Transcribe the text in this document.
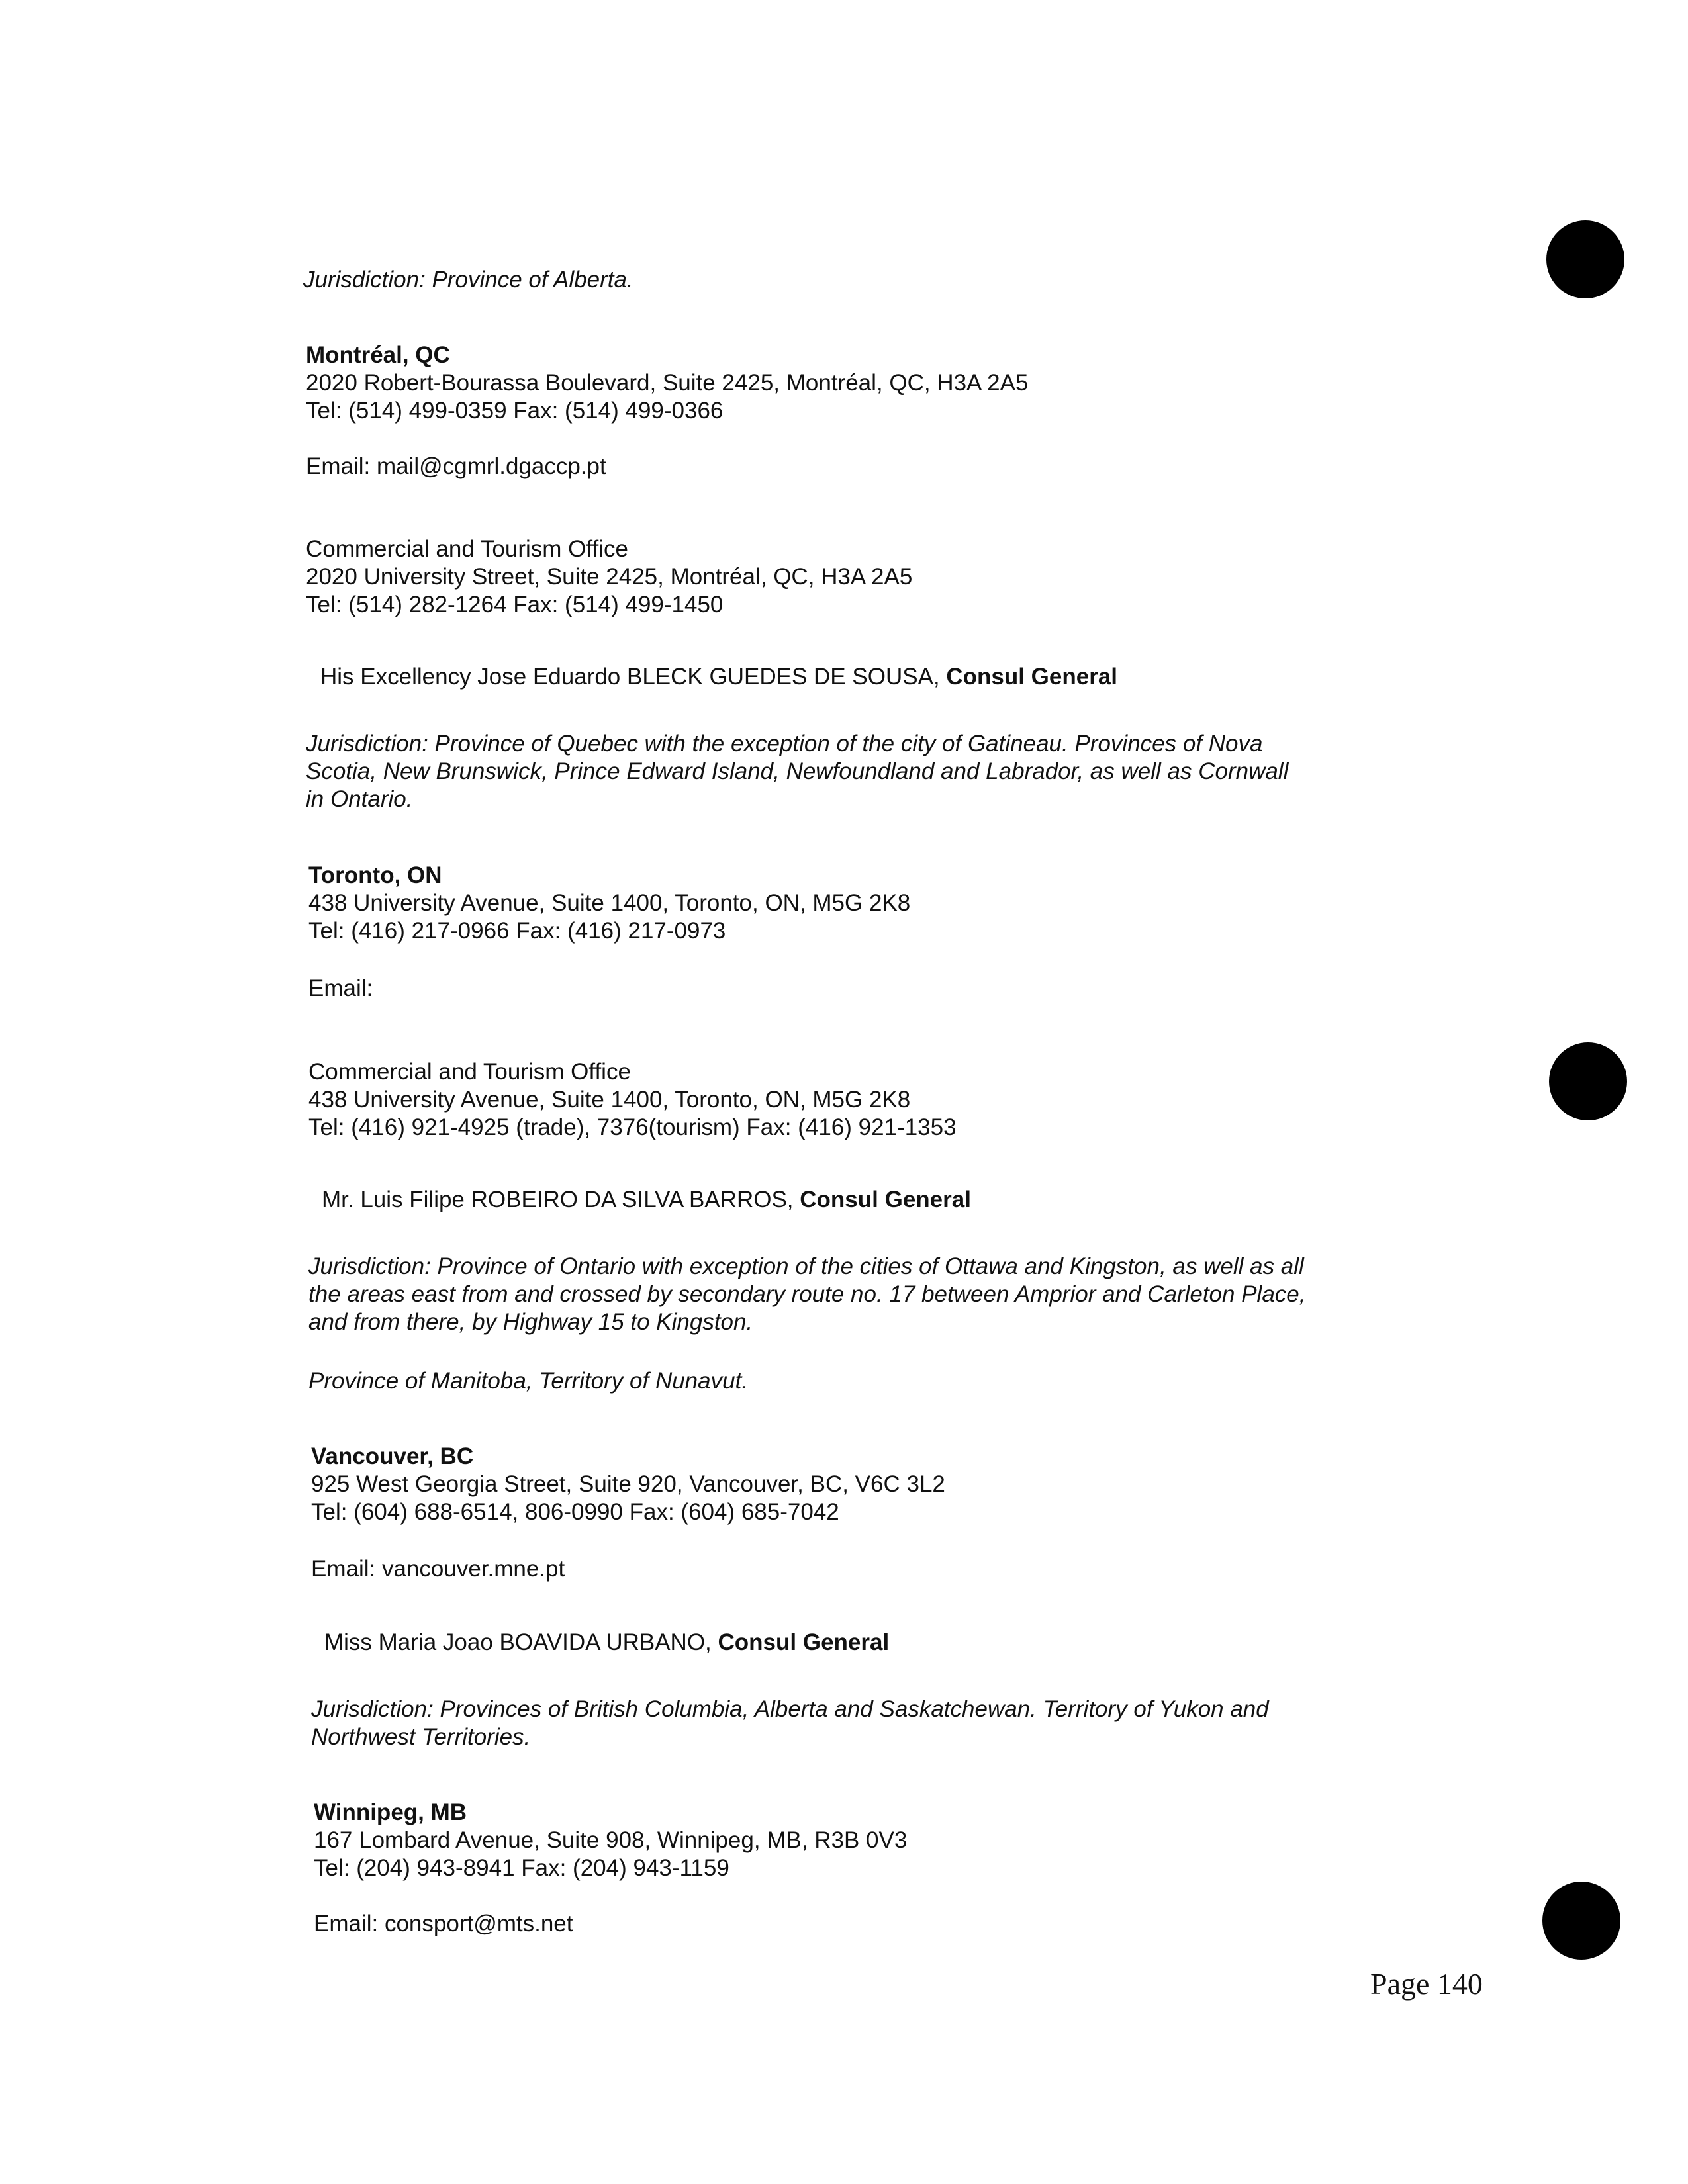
Jurisdiction: Province of Alberta.
Montréal, QC
2020 Robert-Bourassa Boulevard, Suite 2425, Montréal, QC, H3A 2A5
Tel: (514) 499-0359 Fax: (514) 499-0366
Email: mail@cgmrl.dgaccp.pt
Commercial and Tourism Office
2020 University Street, Suite 2425, Montréal, QC, H3A 2A5
Tel: (514) 282-1264 Fax: (514) 499-1450
His Excellency Jose Eduardo BLECK GUEDES DE SOUSA, Consul General
Jurisdiction: Province of Quebec with the exception of the city of Gatineau. Provinces of Nova
Scotia, New Brunswick, Prince Edward Island, Newfoundland and Labrador, as well as Cornwall
in Ontario.
Toronto, ON
438 University Avenue, Suite 1400, Toronto, ON, M5G 2K8
Tel: (416) 217-0966 Fax: (416) 217-0973
Email:
Commercial and Tourism Office
438 University Avenue, Suite 1400, Toronto, ON, M5G 2K8
Tel: (416) 921-4925 (trade), 7376(tourism) Fax: (416) 921-1353
Mr. Luis Filipe ROBEIRO DA SILVA BARROS, Consul General
Jurisdiction: Province of Ontario with exception of the cities of Ottawa and Kingston, as well as all
the areas east from and crossed by secondary route no. 17 between Amprior and Carleton Place,
and from there, by Highway 15 to Kingston.
Province of Manitoba, Territory of Nunavut.
Vancouver, BC
925 West Georgia Street, Suite 920, Vancouver, BC, V6C 3L2
Tel: (604) 688-6514, 806-0990 Fax: (604) 685-7042
Email: vancouver.mne.pt
Miss Maria Joao BOAVIDA URBANO, Consul General
Jurisdiction: Provinces of British Columbia, Alberta and Saskatchewan. Territory of Yukon and
Northwest Territories.
Winnipeg, MB
167 Lombard Avenue, Suite 908, Winnipeg, MB, R3B 0V3
Tel: (204) 943-8941 Fax: (204) 943-1159
Email: consport@mts.net
Page 140
